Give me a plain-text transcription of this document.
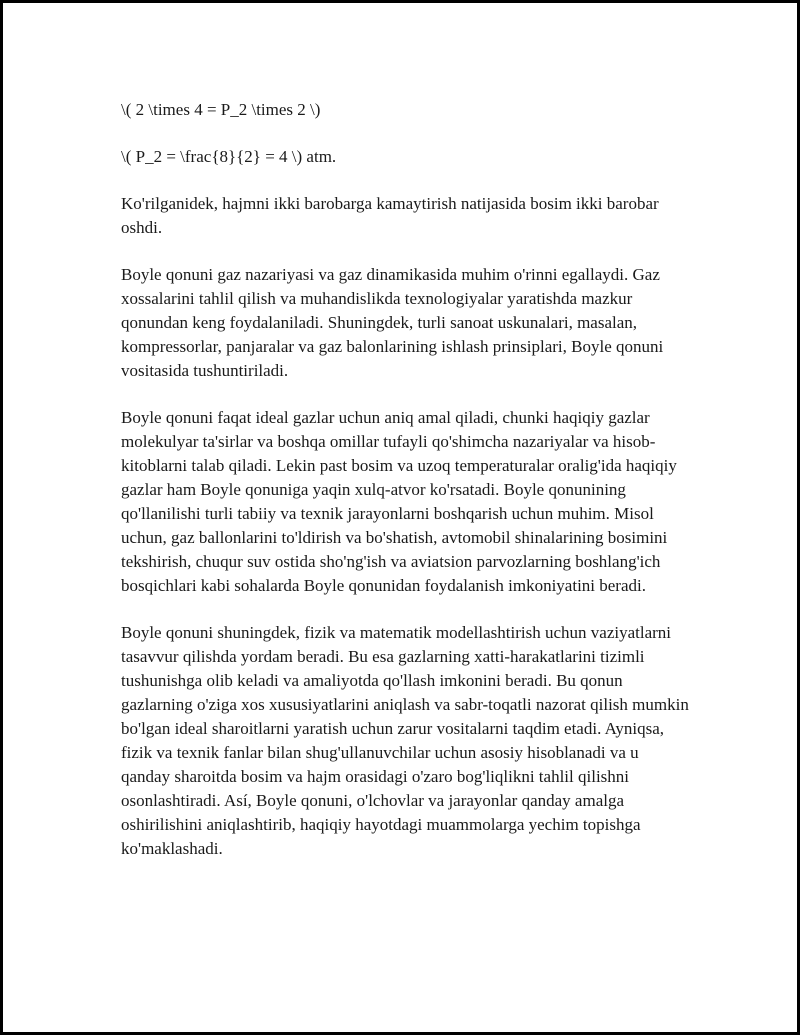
\( 2 \times 4 = P_2 \times 2 \)

\( P_2 = \frac{8}{2} = 4 \) atm.

Ko'rilganidek, hajmni ikki barobarga kamaytirish natijasida bosim ikki barobar oshdi.

Boyle qonuni gaz nazariyasi va gaz dinamikasida muhim o'rinni egallaydi. Gaz xossalarini tahlil qilish va muhandislikda texnologiyalar yaratishda mazkur qonundan keng foydalaniladi. Shuningdek, turli sanoat uskunalari, masalan, kompressorlar, panjaralar va gaz balonlarining ishlash prinsiplari, Boyle qonuni vositasida tushuntiriladi.

Boyle qonuni faqat ideal gazlar uchun aniq amal qiladi, chunki haqiqiy gazlar molekulyar ta'sirlar va boshqa omillar tufayli qo'shimcha nazariyalar va hisob-kitoblarni talab qiladi. Lekin past bosim va uzoq temperaturalar oralig'ida haqiqiy gazlar ham Boyle qonuniga yaqin xulq-atvor ko'rsatadi. Boyle qonunining qo'llanilishi turli tabiiy va texnik jarayonlarni boshqarish uchun muhim. Misol uchun, gaz ballonlarini to'ldirish va bo'shatish, avtomobil shinalarining bosimini tekshirish, chuqur suv ostida sho'ng'ish va aviatsion parvozlarning boshlang'ich bosqichlari kabi sohalarda Boyle qonunidan foydalanish imkoniyatini beradi.

Boyle qonuni shuningdek, fizik va matematik modellashtirish uchun vaziyatlarni tasavvur qilishda yordam beradi. Bu esa gazlarning xatti-harakatlarini tizimli tushunishga olib keladi va amaliyotda qo'llash imkonini beradi. Bu qonun gazlarning o'ziga xos xususiyatlarini aniqlash va sabr-toqatli nazorat qilish mumkin bo'lgan ideal sharoitlarni yaratish uchun zarur vositalarni taqdim etadi. Ayniqsa, fizik va texnik fanlar bilan shug'ullanuvchilar uchun asosiy hisoblanadi va u qanday sharoitda bosim va hajm orasidagi o'zaro bog'liqlikni tahlil qilishni osonlashtiradi. Así, Boyle qonuni, o'lchovlar va jarayonlar qanday amalga oshirilishini aniqlashtirib, haqiqiy hayotdagi muammolarga yechim topishga ko'maklashadi.
